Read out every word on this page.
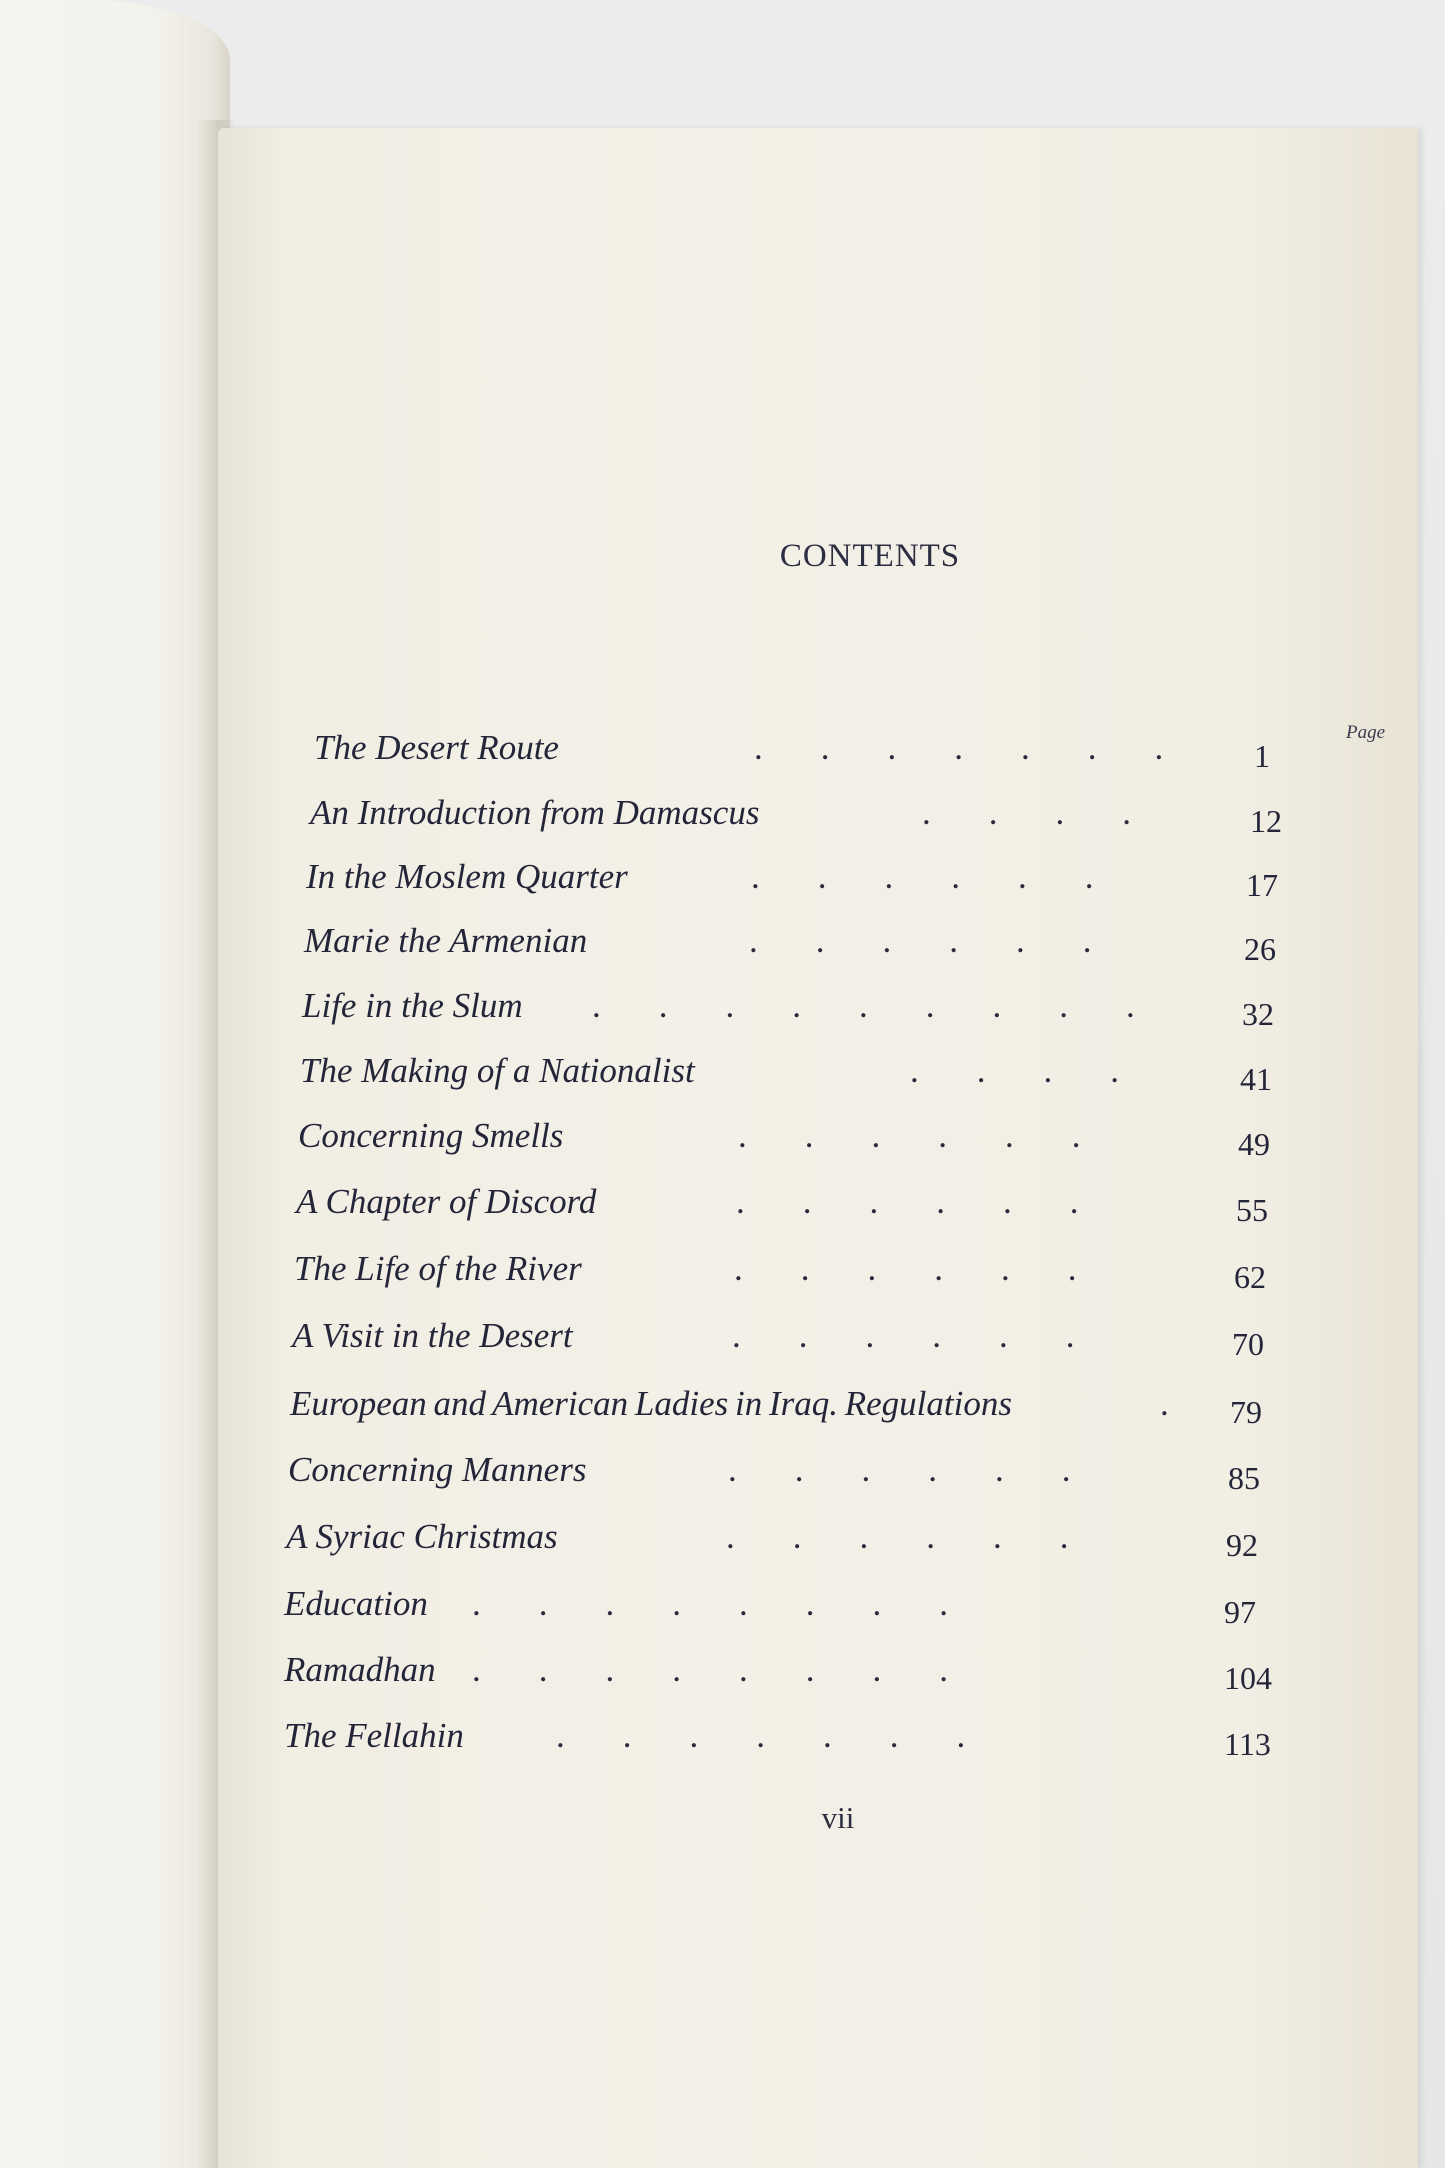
CONTENTS
Page
The Desert Route	....... 1
An Introduction from Damascus	.... 12
In the Moslem Quarter	......	17
Marie the Armenian	......	26
Life in the Slum ......... 32
The Making of a Nationalist	.... 41
Concerning Smells	......	49
A Chapter of Discord	......	55
The Life of the River	......	62
A Visit in the Desert	......	70
European and American Ladies in Iraq. Regulations	. 79
Concerning Manners	......	85
A Syriac Christmas	......	92
Education ........	97
Ramadhan ........	104
The Fellahin	.......	113
vii
